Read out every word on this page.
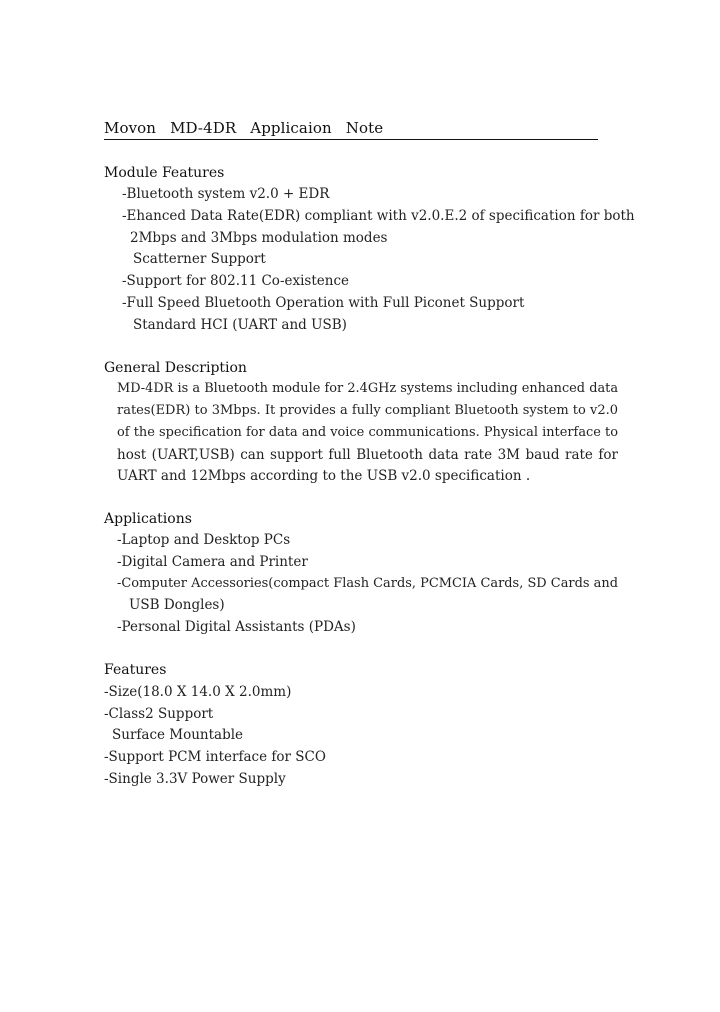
Movon MD-4DR Applicaion Note
Module Features
-Bluetooth system v2.0 + EDR
-Ehanced Data Rate(EDR) compliant with v2.0.E.2 of specification for both
2Mbps and 3Mbps modulation modes
Scatterner Support
-Support for 802.11 Co-existence
-Full Speed Bluetooth Operation with Full Piconet Support
Standard HCI (UART and USB)
General Description
MD-4DR is a Bluetooth module for 2.4GHz systems including enhanced data
rates(EDR) to 3Mbps. It provides a fully compliant Bluetooth system to v2.0
of the specification for data and voice communications. Physical interface to
host (UART,USB) can support full Bluetooth data rate 3M baud rate for
UART and 12Mbps according to the USB v2.0 specification .
Applications
-Laptop and Desktop PCs
-Digital Camera and Printer
-Computer Accessories(compact Flash Cards, PCMCIA Cards, SD Cards and
USB Dongles)
-Personal Digital Assistants (PDAs)
Features
-Size(18.0 X 14.0 X 2.0mm)
-Class2 Support
Surface Mountable
-Support PCM interface for SCO
-Single 3.3V Power Supply
